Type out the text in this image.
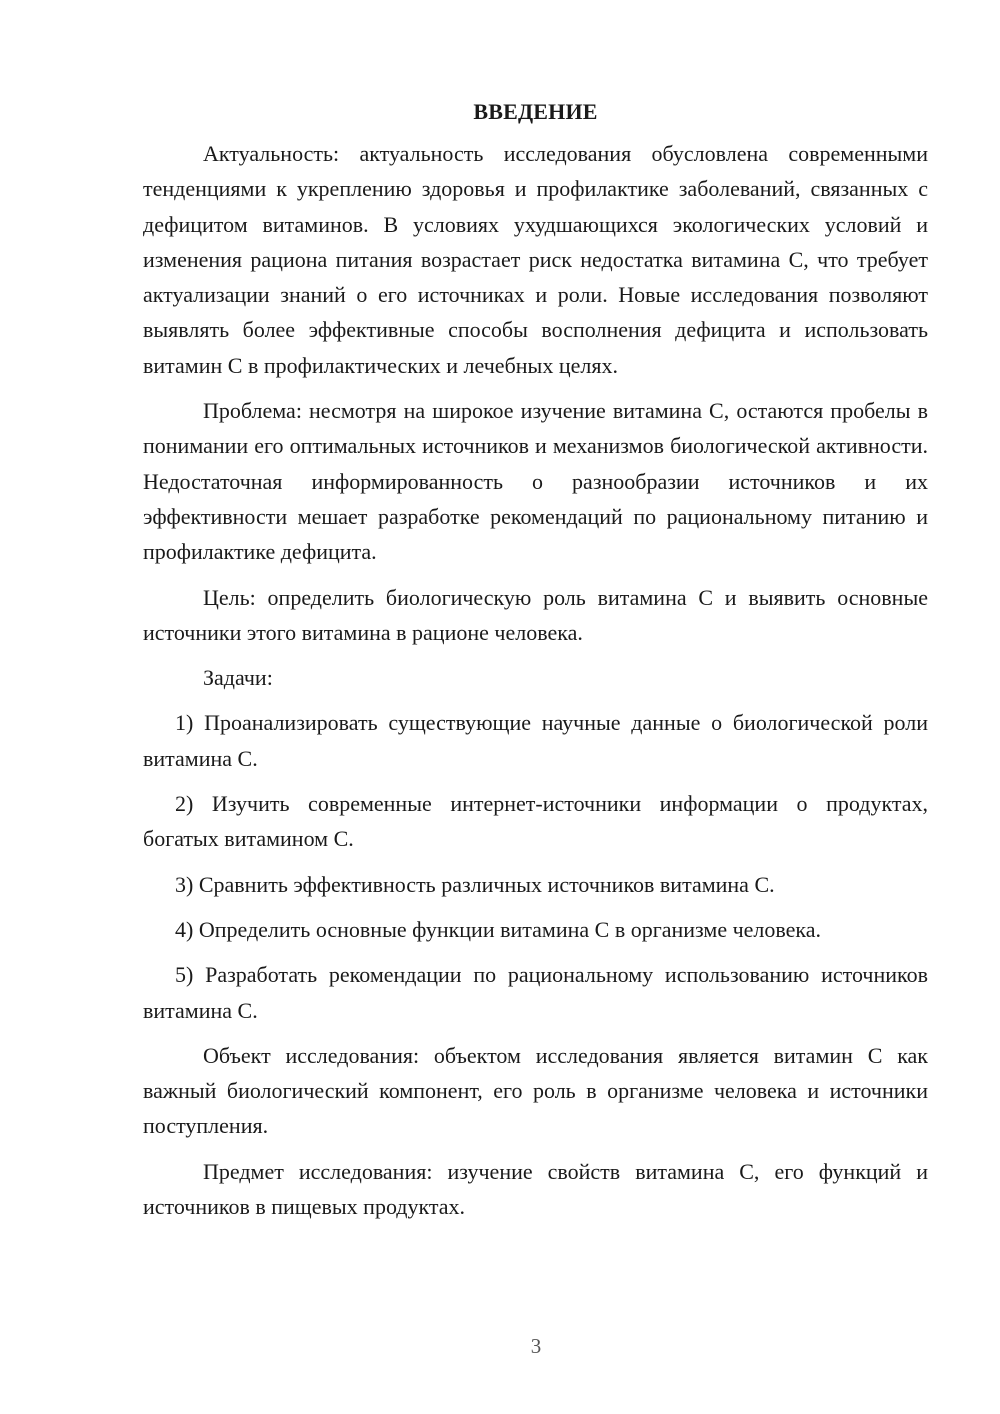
ВВЕДЕНИЕ

Актуальность: актуальность исследования обусловлена современными тенденциями к укреплению здоровья и профилактике заболеваний, связанных с дефицитом витаминов. В условиях ухудшающихся экологических условий и изменения рациона питания возрастает риск недостатка витамина С, что требует актуализации знаний о его источниках и роли. Новые исследования позволяют выявлять более эффективные способы восполнения дефицита и использовать витамин С в профилактических и лечебных целях.

Проблема: несмотря на широкое изучение витамина С, остаются пробелы в понимании его оптимальных источников и механизмов биологической активности. Недостаточная информированность о разнообразии источников и их эффективности мешает разработке рекомендаций по рациональному питанию и профилактике дефицита.

Цель: определить биологическую роль витамина С и выявить основные источники этого витамина в рационе человека.

Задачи:

1) Проанализировать существующие научные данные о биологической роли витамина С.

2) Изучить современные интернет-источники информации о продуктах, богатых витамином С.

3) Сравнить эффективность различных источников витамина С.

4) Определить основные функции витамина С в организме человека.

5) Разработать рекомендации по рациональному использованию источников витамина С.

Объект исследования: объектом исследования является витамин С как важный биологический компонент, его роль в организме человека и источники поступления.

Предмет исследования: изучение свойств витамина С, его функций и источников в пищевых продуктах.

3
